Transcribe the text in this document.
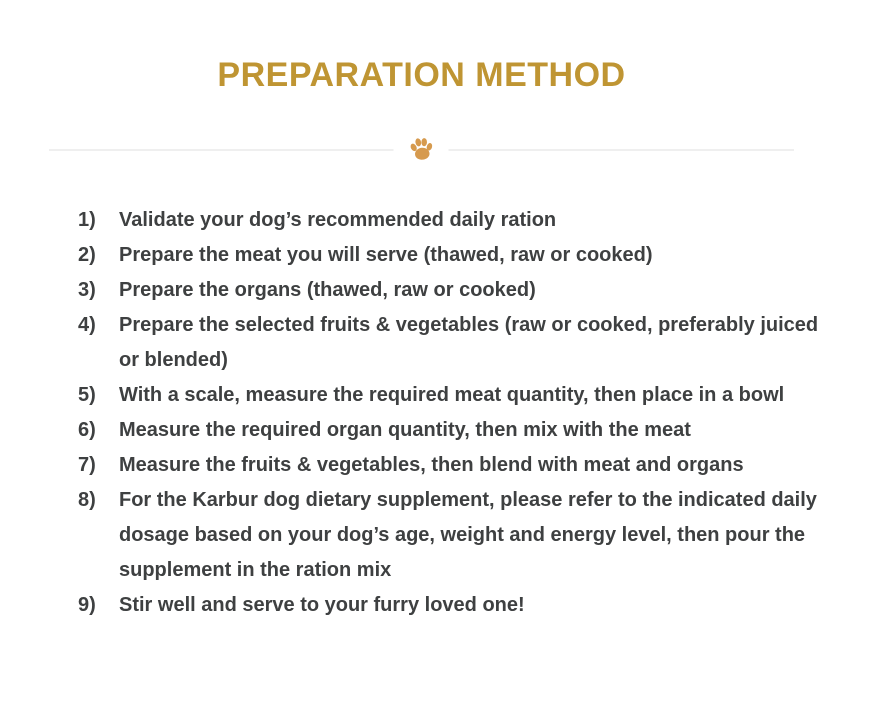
PREPARATION METHOD
1)	Validate your dog’s recommended daily ration
2)	Prepare the meat you will serve (thawed, raw or cooked)
3)	Prepare the organs (thawed, raw or cooked)
4)	Prepare the selected fruits & vegetables (raw or cooked, preferably juiced or blended)
5)	With a scale, measure the required meat quantity, then place in a bowl
6)	Measure the required organ quantity, then mix with the meat
7)	Measure the fruits & vegetables, then blend with meat and organs
8)	For the Karbur dog dietary supplement, please refer to the indicated daily dosage based on your dog’s age, weight and energy level, then pour the supplement in the ration mix
9)	Stir well and serve to your furry loved one!
